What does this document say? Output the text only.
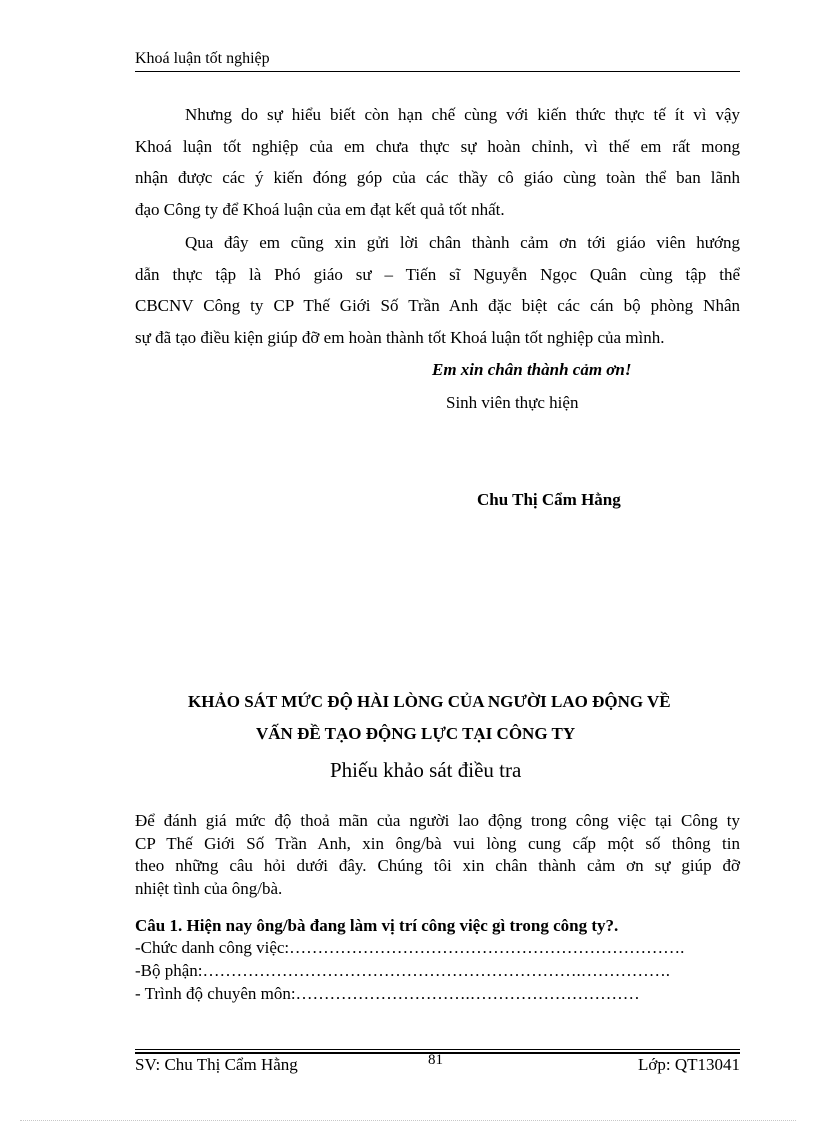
Khoá luận tốt nghiệp
Nhưng do sự hiểu biết còn hạn chế cùng với kiến thức thực tế ít vì vậy
Khoá luận tốt nghiệp của em chưa thực sự hoàn chỉnh, vì thế em rất mong
nhận được các ý kiến đóng góp của các thầy cô giáo cùng toàn thể ban lãnh
đạo Công ty để Khoá luận của em đạt kết quả tốt nhất.
Qua đây em cũng xin gửi lời chân thành cảm ơn tới giáo viên hướng
dẫn thực tập là Phó giáo sư – Tiến sĩ Nguyễn Ngọc Quân cùng tập thể
CBCNV Công ty CP Thế Giới Số Trần Anh đặc biệt các cán bộ phòng Nhân
sự đã tạo điều kiện giúp đỡ em hoàn thành tốt Khoá luận tốt nghiệp của mình.
Em xin chân thành cảm ơn!
Sinh viên thực hiện
Chu Thị Cẩm Hằng
KHẢO SÁT MỨC ĐỘ HÀI LÒNG CỦA NGƯỜI LAO ĐỘNG VỀ
VẤN ĐỀ TẠO ĐỘNG LỰC TẠI CÔNG TY
Phiếu khảo sát điều tra
Để đánh giá mức độ thoả mãn của người lao động trong công việc tại Công ty
CP Thế Giới Số Trần Anh, xin ông/bà vui lòng cung cấp một số thông tin
theo những câu hỏi dưới đây. Chúng tôi xin chân thành cảm ơn sự giúp đỡ
nhiệt tình của ông/bà.
Câu 1. Hiện nay ông/bà đang làm vị trí công việc gì trong công ty?.
-Chức danh công việc:…………………………………………………………….
-Bộ phận:………………………………………………………….…………….
- Trình độ chuyên môn:………………………….…………………………
SV: Chu Thị Cẩm Hằng	81	Lớp: QT13041
